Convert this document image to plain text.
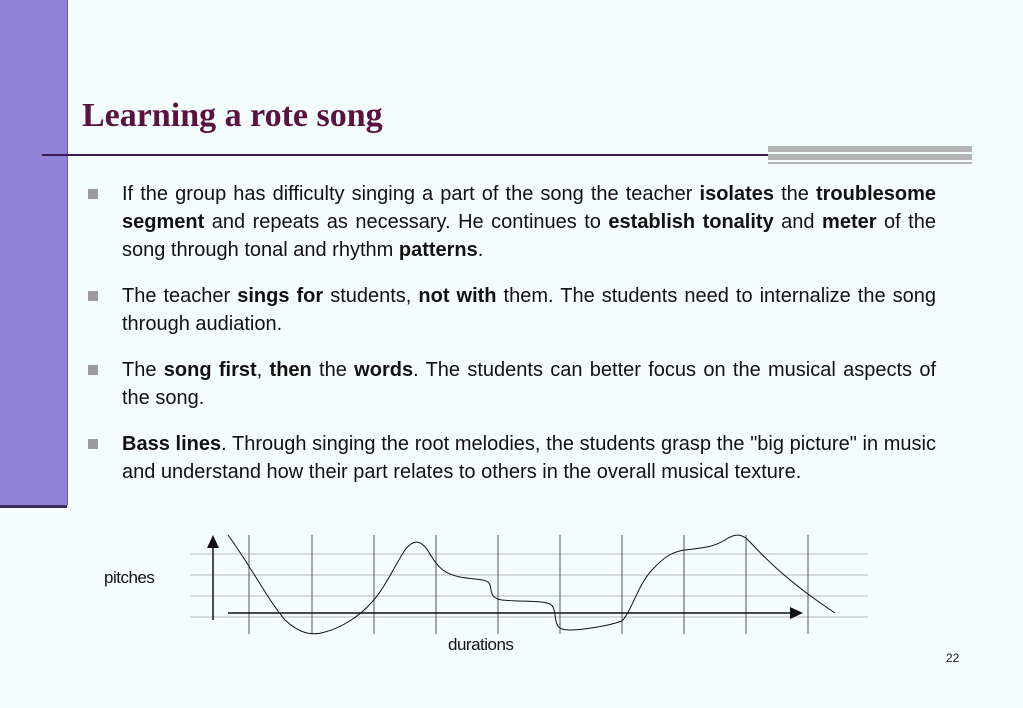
Learning a rote song
If the group has difficulty singing a part of the song the teacher isolates the troublesome segment and repeats as necessary. He continues to establish tonality and meter of the song through tonal and rhythm patterns.
The teacher sings for students, not with them. The students need to internalize the song through audiation.
The song first, then the words. The students can better focus on the musical aspects of the song.
Bass lines. Through singing the root melodies, the students grasp the "big picture" in music and understand how their part relates to others in the overall musical texture.
pitches
durations
22
